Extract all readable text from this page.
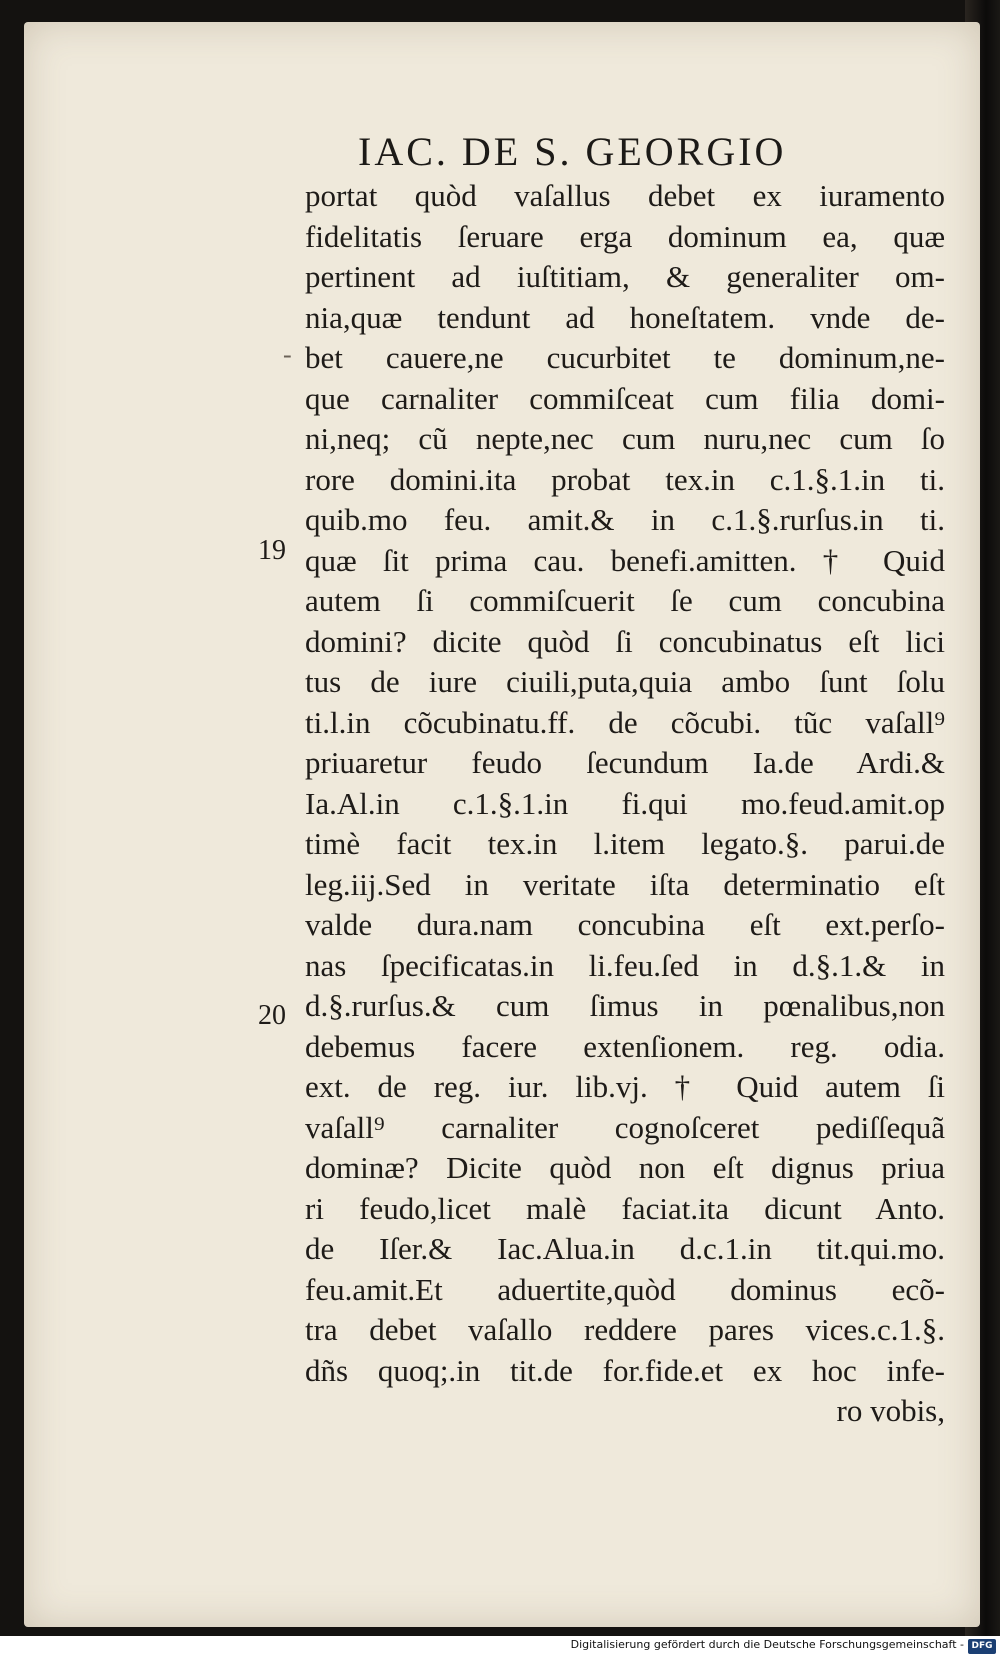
IAC. DE S. GEORGIO
-
19
20
portat quòd vaſallus debet ex iuramento
fidelitatis ſeruare erga dominum ea, quæ
pertinent ad iuſtitiam, & generaliter om-
nia,quæ tendunt ad honeſtatem. vnde de-
bet cauere,ne cucurbitet te dominum,ne-
que carnaliter commiſceat cum filia domi-
ni,neq; cũ nepte,nec cum nuru,nec cum ſo
rore domini.ita probat tex.in c.1.§.1.in ti.
quib.mo feu. amit.& in c.1.§.rurſus.in ti.
quæ ſit prima cau. benefi.amitten. † Quid
autem ſi commiſcuerit ſe cum concubina
domini? dicite quòd ſi concubinatus eſt lici
tus de iure ciuili,puta,quia ambo ſunt ſolu
ti.l.in cõcubinatu.ff. de cõcubi. tũc vaſall⁹
priuaretur feudo ſecundum Ia.de Ardi.&
Ia.Al.in c.1.§.1.in fi.qui mo.feud.amit.op
timè facit tex.in l.item legato.§. parui.de
leg.iij.Sed in veritate iſta determinatio eſt
valde dura.nam concubina eſt ext.perſo-
nas ſpecificatas.in li.feu.ſed in d.§.1.& in
d.§.rurſus.& cum ſimus in pœnalibus,non
debemus facere extenſionem. reg. odia.
ext. de reg. iur. lib.vj. † Quid autem ſi
vaſall⁹ carnaliter cognoſceret pediſſequã
dominæ? Dicite quòd non eſt dignus priua
ri feudo,licet malè faciat.ita dicunt Anto.
de Iſer.& Iac.Alua.in d.c.1.in tit.qui.mo.
feu.amit.Et aduertite,quòd dominus ecõ-
tra debet vaſallo reddere pares vices.c.1.§.
dñs quoq;.in tit.de for.fide.et ex hoc infe-
ro vobis,
Digitalisierung gefördert durch die Deutsche Forschungsgemeinschaft - DFG
